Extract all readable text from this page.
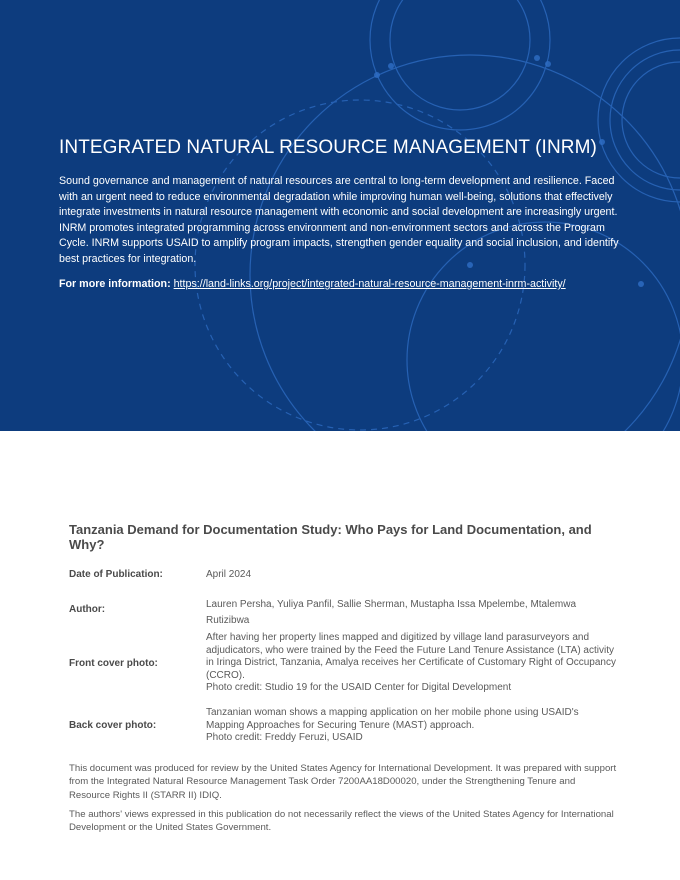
INTEGRATED NATURAL RESOURCE MANAGEMENT (INRM)

Sound governance and management of natural resources are central to long-term development and resilience. Faced with an urgent need to reduce environmental degradation while improving human well-being, solutions that effectively integrate investments in natural resource management with economic and social development are increasingly urgent. INRM promotes integrated programming across environment and non-environment sectors and across the Program Cycle. INRM supports USAID to amplify program impacts, strengthen gender equality and social inclusion, and identify best practices for integration.

For more information: https://land-links.org/project/integrated-natural-resource-management-inrm-activity/

Tanzania Demand for Documentation Study: Who Pays for Land Documentation, and Why?
Date of Publication:	April 2024
Author:	Lauren Persha, Yuliya Panfil, Sallie Sherman, Mustapha Issa Mpelembe, Mtalemwa Rutizibwa
Front cover photo:
After having her property lines mapped and digitized by village land parasurveyors and adjudicators, who were trained by the Feed the Future Land Tenure Assistance (LTA) activity in Iringa District, Tanzania, Amalya receives her Certificate of Customary Right of Occupancy (CCRO).
Photo credit: Studio 19 for the USAID Center for Digital Development
Back cover photo:
Tanzanian woman shows a mapping application on her mobile phone using USAID's Mapping Approaches for Securing Tenure (MAST) approach.
Photo credit: Freddy Feruzi, USAID

This document was produced for review by the United States Agency for International Development. It was prepared with support from the Integrated Natural Resource Management Task Order 7200AA18D00020, under the Strengthening Tenure and Resource Rights II (STARR II) IDIQ.

The authors' views expressed in this publication do not necessarily reflect the views of the United States Agency for International Development or the United States Government.
